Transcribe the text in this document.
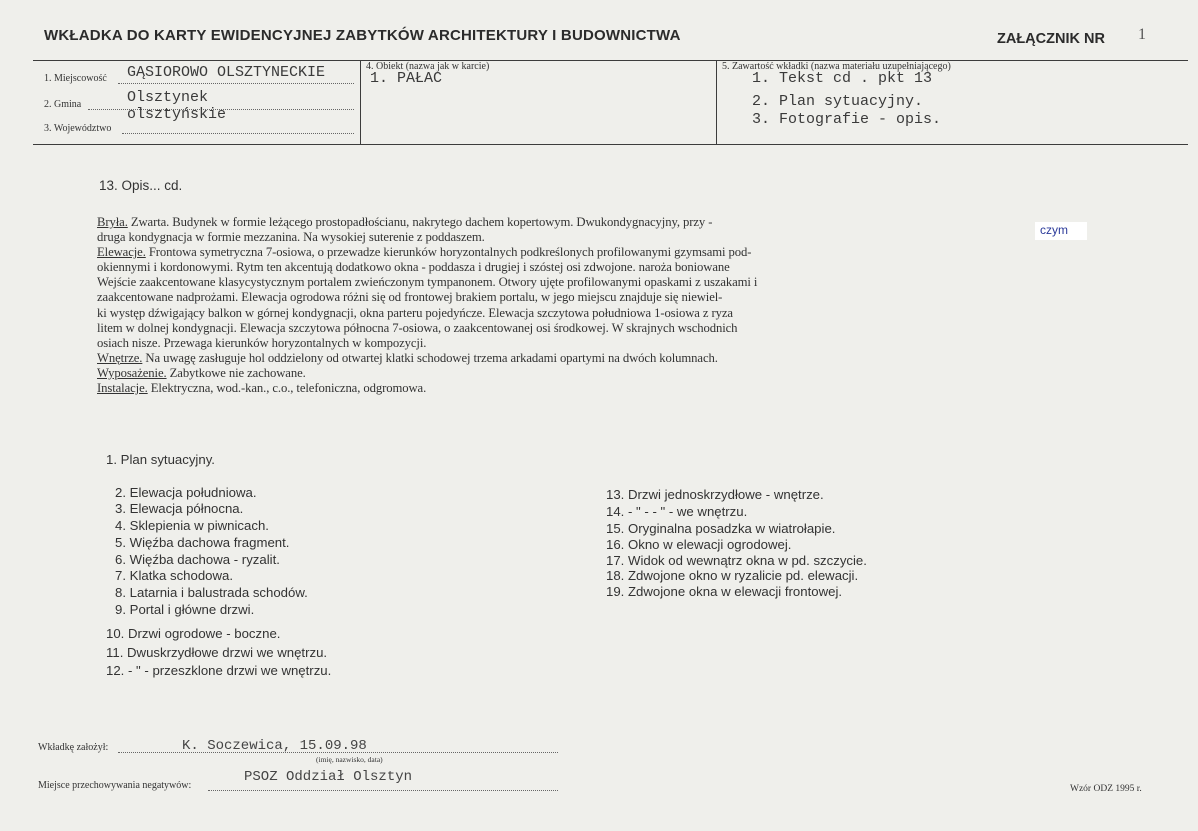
WKŁADKA DO KARTY EWIDENCYJNEJ ZABYTKÓW ARCHITEKTURY I BUDOWNICTWA	ZAŁĄCZNIK NR 1
1. Miejscowość GĄSIOROWO OLSZTYNECKIE
2. Gmina	Olsztynek
3. Województwo
olsztyńskie
4. Obiekt (nazwa jak w karcie)
1. PAŁAC
5. Zawartość wkładki (nazwa materiału uzupełniającego)
1. Tekst cd . pkt 13
2. Plan sytuacyjny.
3. Fotografie - opis.
13. Opis... cd.
Bryła. Zwarta. Budynek w formie leżącego prostopadłościanu, nakrytego dachem kopertowym. Dwukondygnacyjny, przy -
druga kondygnacja w formie mezzanina. Na wysokiej suterenie z poddaszem.
Elewacje. Frontowa symetryczna 7-osiowa, o przewadze kierunków horyzontalnych podkreślonych profilowanymi gzymsami pod-
okiennymi i kordonowymi. Rytm ten akcentują dodatkowo okna - poddasza i drugiej i szóstej osi zdwojone. naroża boniowane
Wejście zaakcentowane klasycystycznym portalem zwieńczonym tympanonem. Otwory ujęte profilowanymi opaskami z uszakami i
zaakcentowane nadprożami. Elewacja ogrodowa różni się od frontowej brakiem portalu, w jego miejscu znajduje się niewiel-
ki występ dźwigający balkon w górnej kondygnacji, okna parteru pojedyńcze. Elewacja szczytowa południowa 1-osiowa z ryza
litem w dolnej kondygnacji. Elewacja szczytowa północna 7-osiowa, o zaakcentowanej osi środkowej. W skrajnych wschodnich
osiach nisze. Przewaga kierunków horyzontalnych w kompozycji.
Wnętrze. Na uwagę zasługuje hol oddzielony od otwartej klatki schodowej trzema arkadami opartymi na dwóch kolumnach.
Wyposażenie. Zabytkowe nie zachowane.
Instalacje. Elektryczna, wod.-kan., c.o., telefoniczna, odgromowa.
czym
1. Plan sytuacyjny.
2. Elewacja południowa.
3. Elewacja północna.
4. Sklepienia w piwnicach.
5. Więźba dachowa fragment.
6. Więźba dachowa - ryzalit.
7. Klatka schodowa.
8. Latarnia i balustrada schodów.
9. Portal i główne drzwi.
10. Drzwi ogrodowe - boczne.
11. Dwuskrzydłowe drzwi we wnętrzu.
12. - " - przeszklone drzwi we wnętrzu.
13. Drzwi jednoskrzydłowe - wnętrze.
14. - " - - " - we wnętrzu.
15. Oryginalna posadzka w wiatrołapie.
16. Okno w elewacji ogrodowej.
17. Widok od wewnątrz okna w pd. szczycie.
18. Zdwojone okno w ryzalicie pd. elewacji.
19. Zdwojone okna w elewacji frontowej.
Wkładkę założył:	K. Soczewica, 15.09.98
(imię, nazwisko, data)
Miejsce przechowywania negatywów:
PSOZ Oddział Olsztyn
Wzór ODZ 1995 r.
